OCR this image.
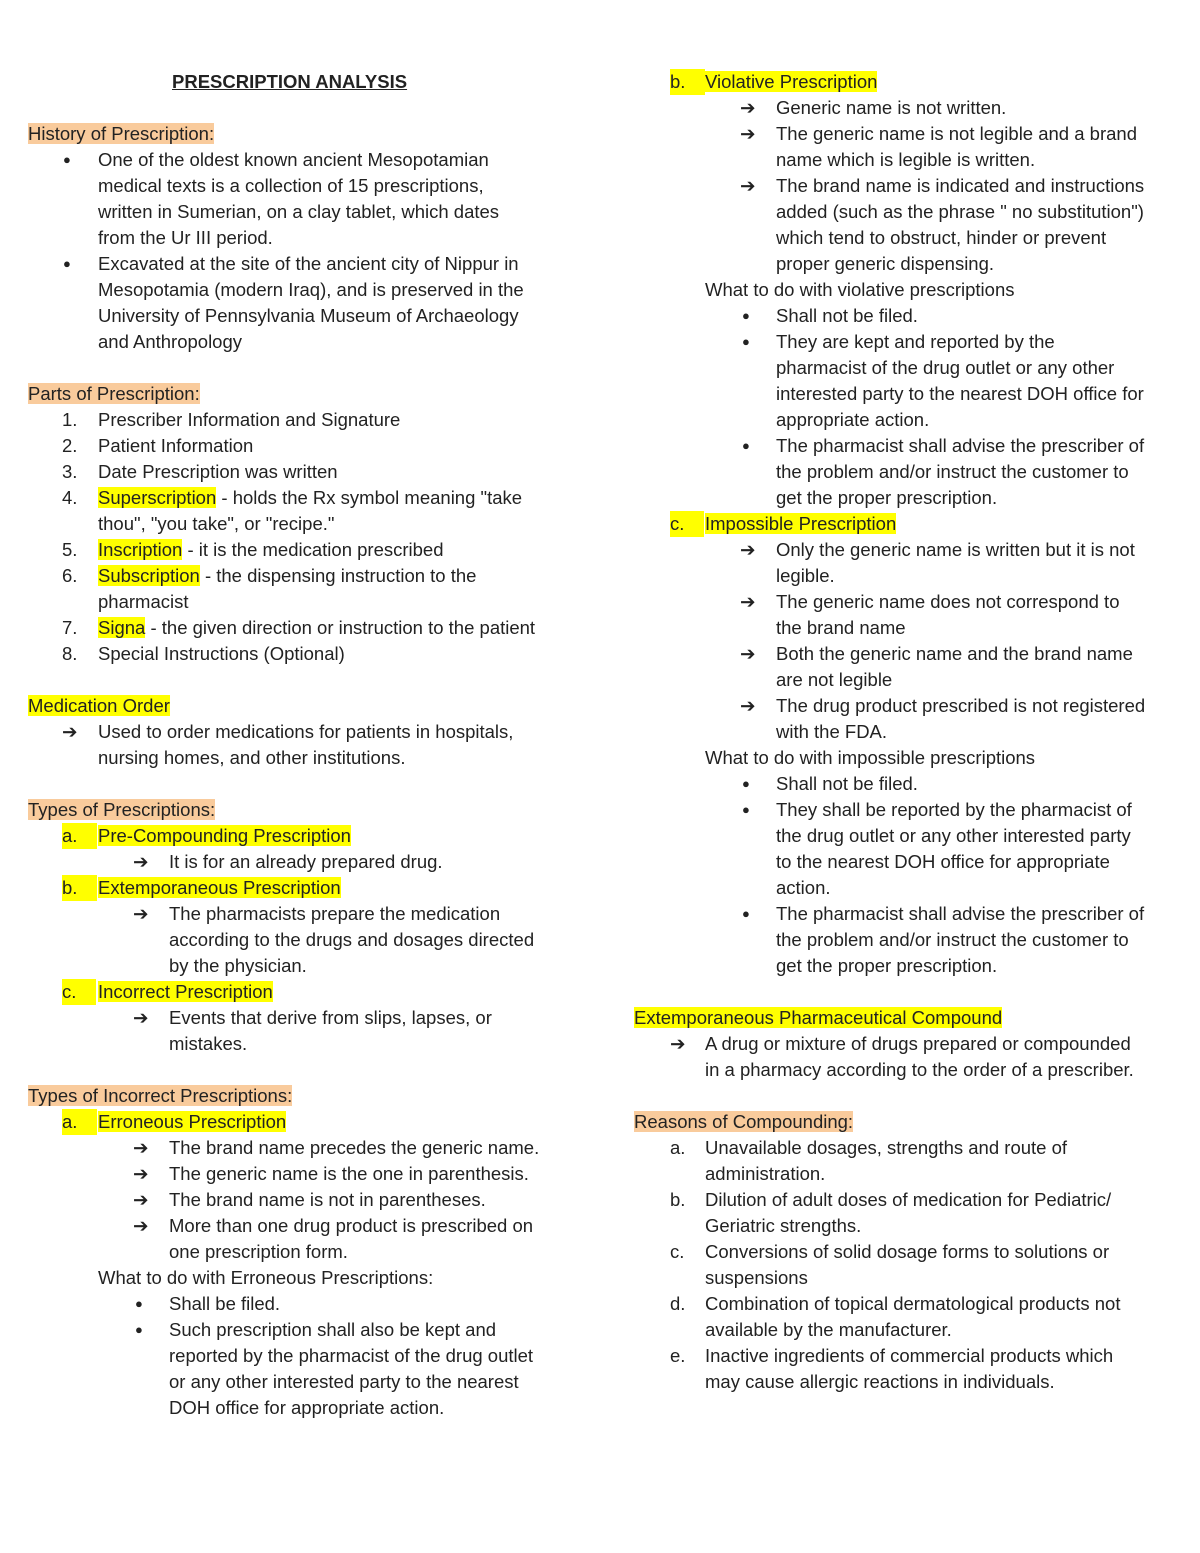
PRESCRIPTION ANALYSIS
History of Prescription:
● One of the oldest known ancient Mesopotamian
medical texts is a collection of 15 prescriptions,
written in Sumerian, on a clay tablet, which dates
from the Ur III period.
● Excavated at the site of the ancient city of Nippur in
Mesopotamia (modern Iraq), and is preserved in the
University of Pennsylvania Museum of Archaeology
and Anthropology
Parts of Prescription:
1. Prescriber Information and Signature
2. Patient Information
3. Date Prescription was written
4. Superscription - holds the Rx symbol meaning "take
thou", "you take", or "recipe."
5. Inscription - it is the medication prescribed
6. Subscription - the dispensing instruction to the
pharmacist
7. Signa - the given direction or instruction to the patient
8. Special Instructions (Optional)
Medication Order
➔ Used to order medications for patients in hospitals,
nursing homes, and other institutions.
Types of Prescriptions:
a.	Pre-Compounding Prescription
➔ It is for an already prepared drug.
b.	Extemporaneous Prescription
➔ The pharmacists prepare the medication
according to the drugs and dosages directed
by the physician.
c.	Incorrect Prescription
➔ Events that derive from slips, lapses, or
mistakes.
Types of Incorrect Prescriptions:
a.	Erroneous Prescription
➔ The brand name precedes the generic name.
➔ The generic name is the one in parenthesis.
➔ The brand name is not in parentheses.
➔ More than one drug product is prescribed on
one prescription form.
What to do with Erroneous Prescriptions:
● Shall be filed.
● Such prescription shall also be kept and
reported by the pharmacist of the drug outlet
or any other interested party to the nearest
DOH office for appropriate action.
b.	Violative Prescription
➔ Generic name is not written.
➔ The generic name is not legible and a brand
name which is legible is written.
➔ The brand name is indicated and instructions
added (such as the phrase " no substitution")
which tend to obstruct, hinder or prevent
proper generic dispensing.
What to do with violative prescriptions
● Shall not be filed.
● They are kept and reported by the
pharmacist of the drug outlet or any other
interested party to the nearest DOH office for
appropriate action.
● The pharmacist shall advise the prescriber of
the problem and/or instruct the customer to
get the proper prescription.
c.	Impossible Prescription
➔ Only the generic name is written but it is not
legible.
➔ The generic name does not correspond to
the brand name
➔ Both the generic name and the brand name
are not legible
➔ The drug product prescribed is not registered
with the FDA.
What to do with impossible prescriptions
● Shall not be filed.
● They shall be reported by the pharmacist of
the drug outlet or any other interested party
to the nearest DOH office for appropriate
action.
● The pharmacist shall advise the prescriber of
the problem and/or instruct the customer to
get the proper prescription.
Extemporaneous Pharmaceutical Compound
➔ A drug or mixture of drugs prepared or compounded
in a pharmacy according to the order of a prescriber.
Reasons of Compounding:
a. Unavailable dosages, strengths and route of
administration.
b. Dilution of adult doses of medication for Pediatric/
Geriatric strengths.
c. Conversions of solid dosage forms to solutions or
suspensions
d. Combination of topical dermatological products not
available by the manufacturer.
e. Inactive ingredients of commercial products which
may cause allergic reactions in individuals.
